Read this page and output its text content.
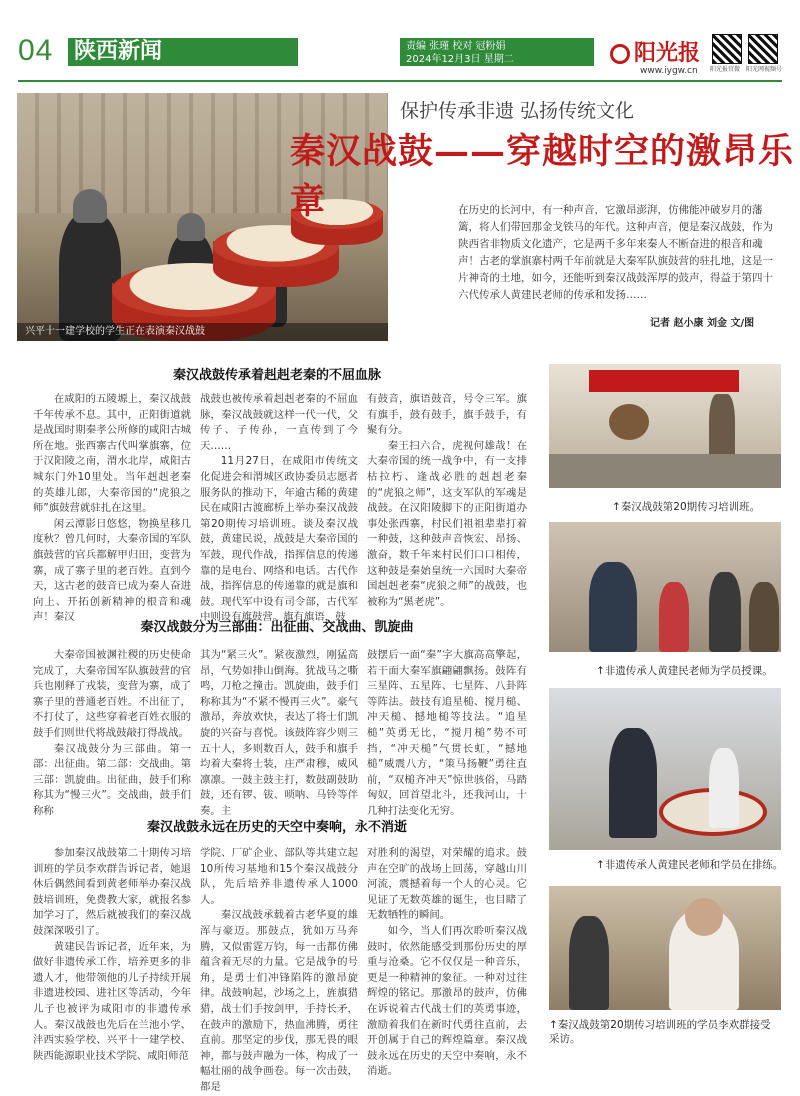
04 陕西新闻	责编 张瑾 校对 冠粉娟
2024年12月3日 星期二	阳光报
www.iygw.cn 阳光报官微 阳光网视频号
兴平十一建学校的学生正在表演秦汉战鼓
保护传承非遗 弘扬传统文化
秦汉战鼓——穿越时空的激昂乐章	在历史的长河中，有一种声音，它激昂澎湃，仿佛能冲破岁月的藩篱，将人们带回那金戈铁马的年代。这种声音，便是秦汉战鼓，作为陕西省非物质文化遗产，它是两千多年来秦人不断奋进的根音和魂声！古老的掌旗寨村两千年前就是大秦军队旗鼓营的驻扎地，这是一片神奇的土地，如今，还能听到秦汉战鼓浑厚的鼓声，得益于第四十六代传承人黄建民老师的传承和发扬……
记者 赵小康 刘金 文/图
秦汉战鼓传承着赳赳老秦的不屈血脉

在咸阳的五陵塬上，秦汉战鼓千年传承不息。其中，正阳街道就是战国时期秦孝公所修的咸阳古城所在地。张西寨古代叫掌旗寨，位于汉阳陵之南，渭水北岸，咸阳古城东门外10里处。当年赳赳老秦的英雄儿郎，大秦帝国的“虎狼之师”旗鼓营就驻扎在这里。

闲云潭影日悠悠，物换星移几度秋？曾几何时，大秦帝国的军队旗鼓营的官兵都解甲归田，变营为寨，成了寨子里的老百姓。直到今天，这古老的鼓音已成为秦人奋进向上、开拓创新精神的根音和魂声！秦汉

战鼓也被传承着赳赳老秦的不屈血脉，秦汉战鼓就这样一代一代，父传子、子传孙，一直传到了今天……

11月27日，在咸阳市传统文化促进会和渭城区政协委员志愿者服务队的推动下，年逾古稀的黄建民在咸阳古渡廊桥上举办秦汉战鼓第20期传习培训班。谈及秦汉战鼓，黄建民说，战鼓是大秦帝国的军鼓，现代作战，指挥信息的传递靠的是电台、网络和电话。古代作战，指挥信息的传递靠的就是旗和鼓。现代军中设有司令部，古代军中则设有旗鼓营。旗有旗语，鼓

有鼓音，旗语鼓音，号令三军。旗有旗手，鼓有鼓手，旗手鼓手，有聚有分。

秦王扫六合，虎视何雄哉！在大秦帝国的统一战争中，有一支排枯拉朽、逢战必胜的赳赳老秦的“虎狼之师”，这支军队的军魂是战鼓。在汉阳陵脚下的正阳街道办事处张西寨，村民们祖祖辈辈打着一种鼓，这种鼓声音恢宏、昂扬、激奋，数千年来村民们口口相传，这种鼓是秦始皇统一六国时大秦帝国赳赳老秦“虎狼之师”的战鼓，也被称为“黑老虎”。

秦汉战鼓分为三部曲：出征曲、交战曲、凯旋曲

大秦帝国被渊社稷的历史使命完成了，大秦帝国军队旗鼓营的官兵也刚释了戎装，变营为寨，成了寨子里的普通老百姓。不出征了，不打仗了，这些穿着老百姓衣服的鼓手们则世代将战鼓敲打得战战。

秦汉战鼓分为三部曲。第一部：出征曲。第二部：交战曲。第三部：凯旋曲。出征曲，鼓手们称称其为“慢三火”。交战曲，鼓手们称称

其为“紧三火”。紧夜激烈，刚猛高昂，气势如排山倒海。犹战马之嘶鸣，刀枪之撞击。凯旋曲，鼓手们称称其为“不紧不慢再三火”。豪气激昂，奔放欢快，表达了将士们凯旋的兴奋与喜悦。该鼓阵容少则三五十人，多则数百人，鼓手和旗手均着大秦将士装，庄严肃穆，威风凛凛。一鼓主鼓主打，数鼓副鼓助鼓，还有锣、钹、唢呐、马铃等伴奏。主

鼓摆后一面“秦”字大旗高高擎起，若干面大秦军旗翩翩飘扬。鼓阵有三星阵、五星阵、七星阵、八卦阵等阵法。鼓技有追星槌、搅月槌、冲天槌、撼地槌等技法。“追星槌”英勇无比，“搅月槌”势不可挡，“冲天槌”气贯长虹，“撼地槌”威震八方，“策马扬鞭”勇往直前，“双槌齐冲天”惊世骇俗，马踏匈奴，回首望北斗，还我河山，十几种打法变化无穷。

秦汉战鼓永远在历史的天空中奏响，永不消逝

参加秦汉战鼓第二十期传习培训班的学员李欢群告诉记者，她退休后偶然间看到黄老师举办秦汉战鼓培训班，免费教大家，就报名参加学习了，然后就被我们的秦汉战鼓深深吸引了。

黄建民告诉记者，近年来，为做好非遗传承工作，培养更多的非遗人才，他带领他的儿子持续开展非遗进校园、进社区等活动，今年儿子也被评为咸阳市的非遗传承人。秦汉战鼓也先后在兰池小学、沣西实验学校、兴平十一建学校、陕西能源职业技术学院、咸阳师范

学院、厂矿企业、部队等共建立起10所传习基地和15个秦汉战鼓分队，先后培养非遗传承人1000人。

秦汉战鼓承载着古老华夏的雄浑与豪迈。那鼓点，犹如万马奔腾，又似雷霆万钧，每一击都仿佛蕴含着无尽的力量。它是战争的号角，是勇士们冲锋陷阵的激昂旋律。战鼓响起，沙场之上，旌旗猎猎，战士们手按剑甲，手持长矛，在鼓声的激励下，热血沸腾，勇往直前。那坚定的步伐，那无畏的眼神，都与鼓声融为一体，构成了一幅壮丽的战争画卷。每一次击鼓，都是

对胜利的渴望，对荣耀的追求。鼓声在空旷的战场上回荡，穿越山川河流，震撼着每一个人的心灵。它见证了无数英雄的诞生，也目睹了无数牺牲的瞬间。

如今，当人们再次聆听秦汉战鼓时，依然能感受到那份历史的厚重与沧桑。它不仅仅是一种音乐，更是一种精神的象征。一种对过往辉煌的铭记。那激昂的鼓声，仿佛在诉说着古代战士们的英勇事迹，激励着我们在新时代勇往直前，去开创属于自己的辉煌篇章。秦汉战鼓永远在历史的天空中奏响，永不消逝。

↑秦汉战鼓第20期传习培训班。
↑非遗传承人黄建民老师为学员授课。
↑非遗传承人黄建民老师和学员在排练。
↑秦汉战鼓第20期传习培训班的学员李欢群接受采访。
